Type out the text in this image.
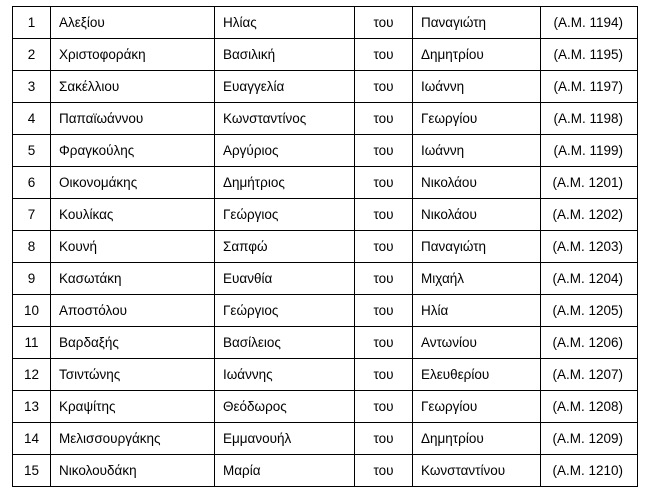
1	Αλεξίου	Ηλίας	του	Παναγιώτη	(Α.Μ. 1194)
2	Χριστοφοράκη	Βασιλική	του	Δημητρίου	(Α.Μ. 1195)
3	Σακέλλιου	Ευαγγελία	του	Ιωάννη	(Α.Μ. 1197)
4	Παπαϊωάννου	Κωνσταντίνος	του	Γεωργίου	(Α.Μ. 1198)
5	Φραγκούλης	Αργύριος	του	Ιωάννη	(Α.Μ. 1199)
6	Οικονομάκης	Δημήτριος	του	Νικολάου	(Α.Μ. 1201)
7	Κουλίκας	Γεώργιος	του	Νικολάου	(Α.Μ. 1202)
8	Κουνή	Σαπφώ	του	Παναγιώτη	(Α.Μ. 1203)
9	Κασωτάκη	Ευανθία	του	Μιχαήλ	(Α.Μ. 1204)
10	Αποστόλου	Γεώργιος	του	Ηλία	(Α.Μ. 1205)
11	Βαρδαξής	Βασίλειος	του	Αντωνίου	(Α.Μ. 1206)
12	Τσιντώνης	Ιωάννης	του	Ελευθερίου	(Α.Μ. 1207)
13	Κραψίτης	Θεόδωρος	του	Γεωργίου	(Α.Μ. 1208)
14	Μελισσουργάκης	Εμμανουήλ	του	Δημητρίου	(Α.Μ. 1209)
15	Νικολουδάκη	Μαρία	του	Κωνσταντίνου	(Α.Μ. 1210)
